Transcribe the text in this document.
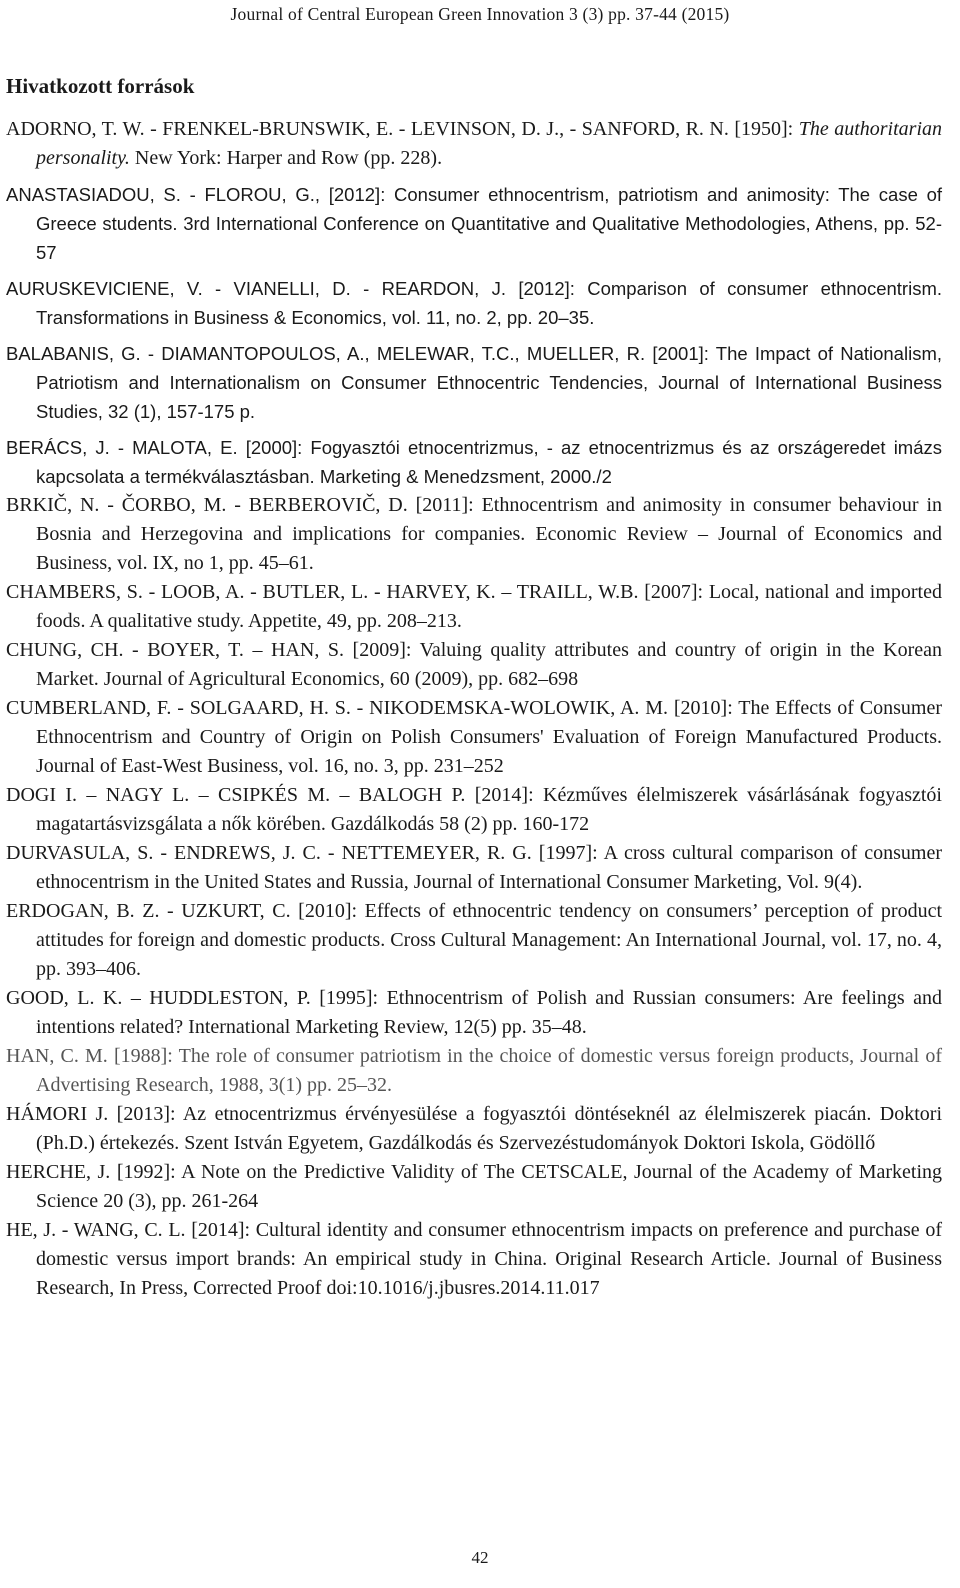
Journal of Central European Green Innovation 3 (3) pp. 37-44 (2015)
Hivatkozott források

ADORNO, T. W. - FRENKEL-BRUNSWIK, E. - LEVINSON, D. J., - SANFORD, R. N. [1950]: The authoritarian personality. New York: Harper and Row (pp. 228).

ANASTASIADOU, S. - FLOROU, G., [2012]: Consumer ethnocentrism, patriotism and animosity: The case of Greece students. 3rd International Conference on Quantitative and Qualitative Methodologies, Athens, pp. 52-57

AURUSKEVICIENE, V. - VIANELLI, D. - REARDON, J. [2012]: Comparison of consumer ethnocentrism. Transformations in Business & Economics, vol. 11, no. 2, pp. 20–35.

BALABANIS, G. - DIAMANTOPOULOS, A., MELEWAR, T.C., MUELLER, R. [2001]: The Impact of Nationalism, Patriotism and Internationalism on Consumer Ethnocentric Tendencies, Journal of International Business Studies, 32 (1), 157-175 p.

BERÁCS, J. - MALOTA, E. [2000]: Fogyasztói etnocentrizmus, - az etnocentrizmus és az országeredet imázs kapcsolata a termékválasztásban. Marketing & Menedzsment, 2000./2

BRKIČ, N. - ČORBO, M. - BERBEROVIČ, D. [2011]: Ethnocentrism and animosity in consumer behaviour in Bosnia and Herzegovina and implications for companies. Economic Review – Journal of Economics and Business, vol. IX, no 1, pp. 45–61.

CHAMBERS, S. - LOOB, A. - BUTLER, L. - HARVEY, K. – TRAILL, W.B. [2007]: Local, national and imported foods. A qualitative study. Appetite, 49, pp. 208–213.

CHUNG, CH. - BOYER, T. – HAN, S. [2009]: Valuing quality attributes and country of origin in the Korean Market. Journal of Agricultural Economics, 60 (2009), pp. 682–698

CUMBERLAND, F. - SOLGAARD, H. S. - NIKODEMSKA-WOLOWIK, A. M. [2010]: The Effects of Consumer Ethnocentrism and Country of Origin on Polish Consumers' Evaluation of Foreign Manufactured Products. Journal of East-West Business, vol. 16, no. 3, pp. 231–252

DOGI I. – NAGY L. – CSIPKÉS M. – BALOGH P. [2014]: Kézműves élelmiszerek vásárlásának fogyasztói magatartásvizsgálata a nők körében. Gazdálkodás 58 (2) pp. 160-172

DURVASULA, S. - ENDREWS, J. C. - NETTEMEYER, R. G. [1997]: A cross cultural comparison of consumer ethnocentrism in the United States and Russia, Journal of International Consumer Marketing, Vol. 9(4).

ERDOGAN, B. Z. - UZKURT, C. [2010]: Effects of ethnocentric tendency on consumers’ perception of product attitudes for foreign and domestic products. Cross Cultural Management: An International Journal, vol. 17, no. 4, pp. 393–406.

GOOD, L. K. – HUDDLESTON, P. [1995]: Ethnocentrism of Polish and Russian consumers: Are feelings and intentions related? International Marketing Review, 12(5) pp. 35–48.

HAN, C. M. [1988]: The role of consumer patriotism in the choice of domestic versus foreign products, Journal of Advertising Research, 1988, 3(1) pp. 25–32.

HÁMORI J. [2013]: Az etnocentrizmus érvényesülése a fogyasztói döntéseknél az élelmiszerek piacán. Doktori (Ph.D.) értekezés. Szent István Egyetem, Gazdálkodás és Szervezéstudományok Doktori Iskola, Gödöllő

HERCHE, J. [1992]: A Note on the Predictive Validity of The CETSCALE, Journal of the Academy of Marketing Science 20 (3), pp. 261-264

HE, J. - WANG, C. L. [2014]: Cultural identity and consumer ethnocentrism impacts on preference and purchase of domestic versus import brands: An empirical study in China. Original Research Article. Journal of Business Research, In Press, Corrected Proof doi:10.1016/j.jbusres.2014.11.017

42
